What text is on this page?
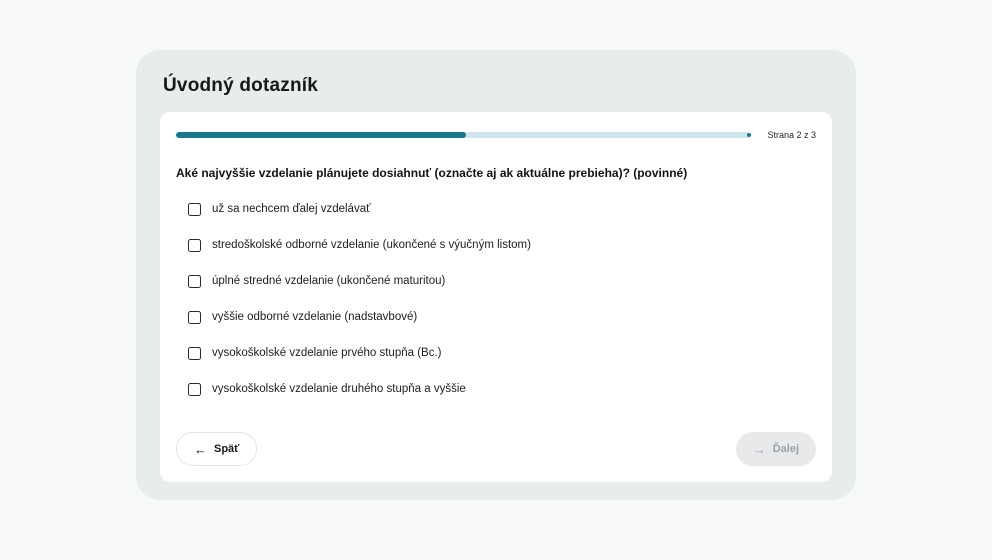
Úvodný dotazník
Strana 2 z 3
Aké najvyššie vzdelanie plánujete dosiahnuť (označte aj ak aktuálne prebieha)? (povinné)
už sa nechcem ďalej vzdelávať
stredoškolské odborné vzdelanie (ukončené s výučným listom)
úplné stredné vzdelanie (ukončené maturitou)
vyššie odborné vzdelanie (nadstavbové)
vysokoškolské vzdelanie prvého stupňa (Bc.)
vysokoškolské vzdelanie druhého stupňa a vyššie
← Späť	→ Ďalej
